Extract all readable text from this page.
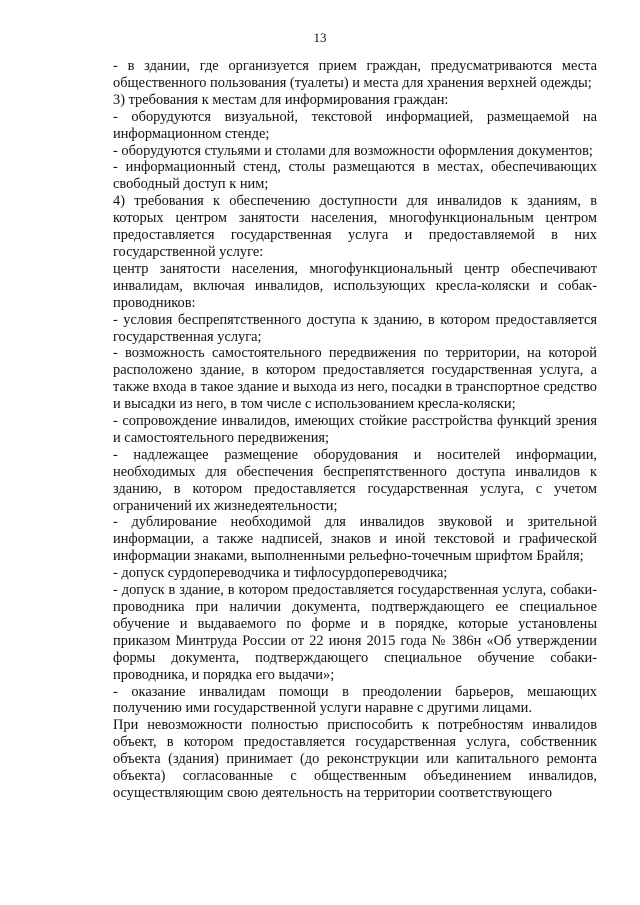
13

- в здании, где организуется прием граждан, предусматриваются места общественного пользования (туалеты) и места для хранения верхней одежды;

3) требования к местам для информирования граждан:

- оборудуются визуальной, текстовой информацией, размещаемой на информационном стенде;

- оборудуются стульями и столами для возможности оформления документов;

- информационный стенд, столы размещаются в местах, обеспечивающих свободный доступ к ним;

4) требования к обеспечению доступности для инвалидов к зданиям, в которых центром занятости населения, многофункциональным центром предоставляется государственная услуга и предоставляемой в них государственной услуге:

центр занятости населения, многофункциональный центр обеспечивают инвалидам, включая инвалидов, использующих кресла-коляски и собак-проводников:

- условия беспрепятственного доступа к зданию, в котором предоставляется государственная услуга;

- возможность самостоятельного передвижения по территории, на которой расположено здание, в котором предоставляется государственная услуга, а также входа в такое здание и выхода из него, посадки в транспортное средство и высадки из него, в том числе с использованием кресла-коляски;

- сопровождение инвалидов, имеющих стойкие расстройства функций зрения и самостоятельного передвижения;

- надлежащее размещение оборудования и носителей информации, необходимых для обеспечения беспрепятственного доступа инвалидов к зданию, в котором предоставляется государственная услуга, с учетом ограничений их жизнедеятельности;

- дублирование необходимой для инвалидов звуковой и зрительной информации, а также надписей, знаков и иной текстовой и графической информации знаками, выполненными рельефно-точечным шрифтом Брайля;

- допуск сурдопереводчика и тифлосурдопереводчика;

- допуск в здание, в котором предоставляется государственная услуга, собаки-проводника при наличии документа, подтверждающего ее специальное обучение и выдаваемого по форме и в порядке, которые установлены приказом Минтруда России от 22 июня 2015 года № 386н «Об утверждении формы документа, подтверждающего специальное обучение собаки-проводника, и порядка его выдачи»;

- оказание инвалидам помощи в преодолении барьеров, мешающих получению ими государственной услуги наравне с другими лицами.

При невозможности полностью приспособить к потребностям инвалидов объект, в котором предоставляется государственная услуга, собственник объекта (здания) принимает (до реконструкции или капитального ремонта объекта) согласованные с общественным объединением инвалидов, осуществляющим свою деятельность на территории соответствующего
